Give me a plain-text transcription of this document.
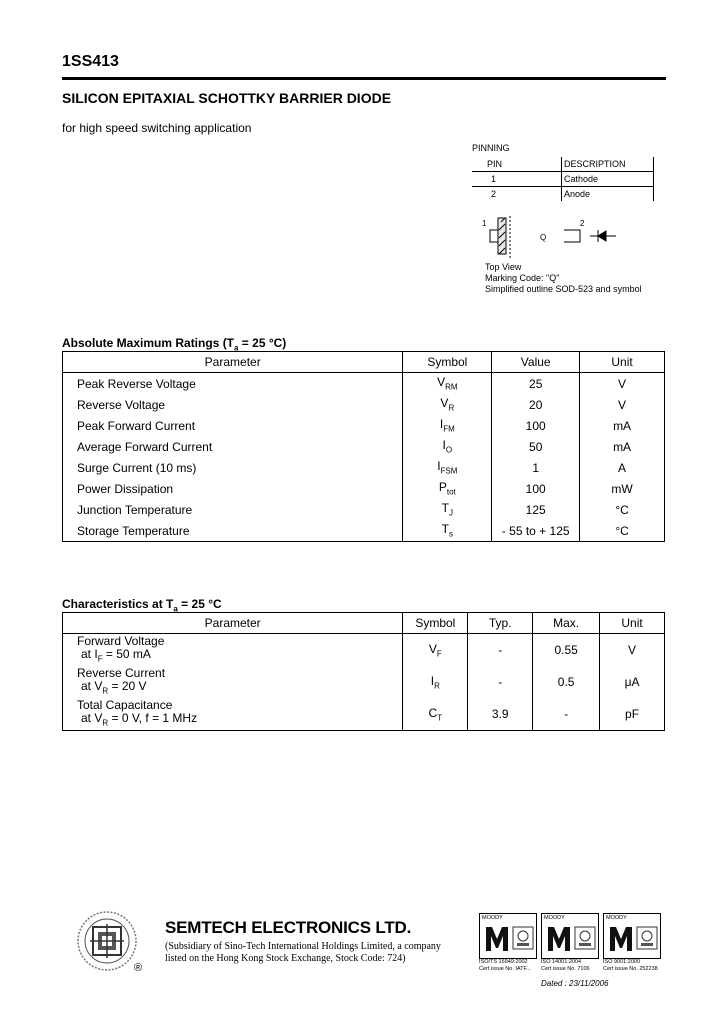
1SS413
SILICON EPITAXIAL SCHOTTKY BARRIER DIODE
for high speed switching application
PINNING
PIN	DESCRIPTION
1	Cathode
2	Anode
1	2
Q
Top View
Marking Code: "Q"
Simplified outline SOD-523 and symbol
Absolute Maximum Ratings ($T_a = 25$ °C)
Parameter	Symbol	Value	Unit
Peak Reverse Voltage	$V_{RM}$	25	V
Reverse Voltage	$V_R$	20	V
Peak Forward Current	$I_{FM}$	100	mA
Average Forward Current	$I_O$	50	mA
Surge Current (10 ms)	$I_{FSM}$	1	A
Power Dissipation	$P_{tot}$	100	mW
Junction Temperature	$T_J$	125	°C
Storage Temperature	$T_s$	- 55 to + 125	°C
Characteristics at $T_a = 25$ °C
Parameter	Symbol	Typ.	Max.	Unit

Forward Voltage
at $I_F = 50$ mA	$V_F$	-	0.55	V

Reverse Current
at $V_R = 20$ V	$I_R$	-	0.5	μA

Total Capacitance
at $V_R = 0$ V, f = 1 MHz	$C_T$	3.9	-	pF
®
SEMTECH ELECTRONICS LTD.
(Subsidiary of Sino-Tech International Holdings Limited, a company
listed on the Hong Kong Stock Exchange, Stock Code: 724)
MOODY
ISO/TS 16949:2002
Cert issue No. IATF...
MOODY
ISO 14001:2004
Cert issue No. 7106
MOODY
ISO 9001:2000
Cert issue No. 252238
Dated : 23/11/2006
